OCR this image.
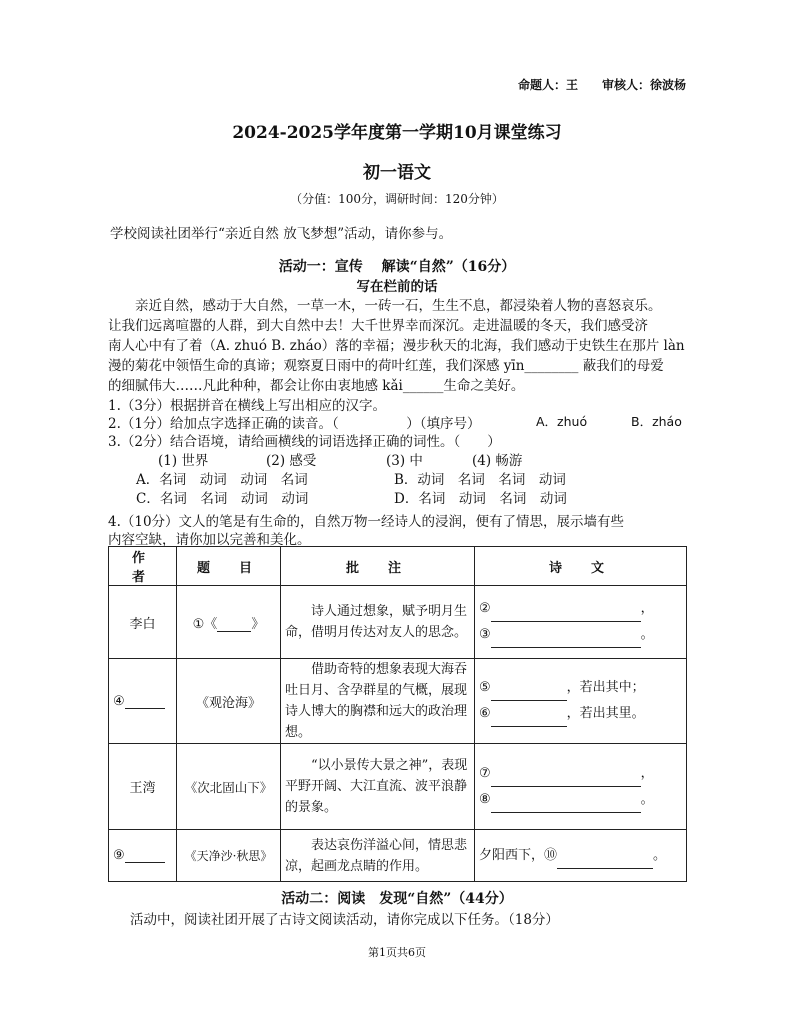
命题人：王　　审核人：徐波杨
2024-2025学年度第一学期10月课堂练习
初一语文
（分值：100分，调研时间：120分钟）
学校阅读社团举行“亲近自然 放飞梦想”活动，请你参与。
活动一：宣传　 解读“自然”（16分）
写在栏前的话
　　亲近自然，感动于大自然，一草一木，一砖一石，生生不息，都浸染着人物的喜怒哀乐。
让我们远离喧嚣的人群，到大自然中去！大千世界幸而深沉。走进温暖的冬天，我们感受济
南人心中有了着（A. zhuó B. zháo）落的幸福；漫步秋天的北海，我们感动于史铁生在那片 làn
漫的菊花中领悟生命的真谛；观察夏日雨中的荷叶红莲，我们深感 yīn________ 蔽我们的母爱
的细腻伟大……凡此种种，都会让你由衷地感 kǎi______生命之美好。
1.（3分）根据拼音在横线上写出相应的汉字。
2.（1分）给加点字选择正确的读音。（　　　　　）（填序号）	A．zhuó	B．zháo
3.（2分）结合语境，请给画横线的词语选择正确的词性。（　　）
(1) 世界	(2) 感受	(3) 中	(4) 畅游
A．名词　动词　动词　名词	B．动词　名词　名词　动词
C．名词　名词　动词　动词	D．名词　动词　名词　动词
4.（10分）文人的笔是有生命的，自然万物一经诗人的浸润，便有了情思，展示墙有些
内容空缺，请你加以完善和美化。
作　者	题　目	批　注	诗　文
李白	①《 》	诗人通过想象，赋予明月生命，借明月传达对友人的思念。	② ，
③ 。

④	《观沧海》	借助奇特的想象表现大海吞吐日月、含孕群星的气概，展现诗人博大的胸襟和远大的政治理想。	⑤ ，若出其中；
⑥ ，若出其里。

王湾	《次北固山下》	“以小景传大景之神”，表现平野开阔、大江直流、波平浪静的景象。	⑦ ，
⑧ 。

⑨	《天净沙·秋思》	表达哀伤洋溢心间，情思悲凉，起画龙点睛的作用。	夕阳西下，⑩ 。
活动二：阅读　发现“自然”（44分）
活动中，阅读社团开展了古诗文阅读活动，请你完成以下任务。（18分）
第1页共6页
